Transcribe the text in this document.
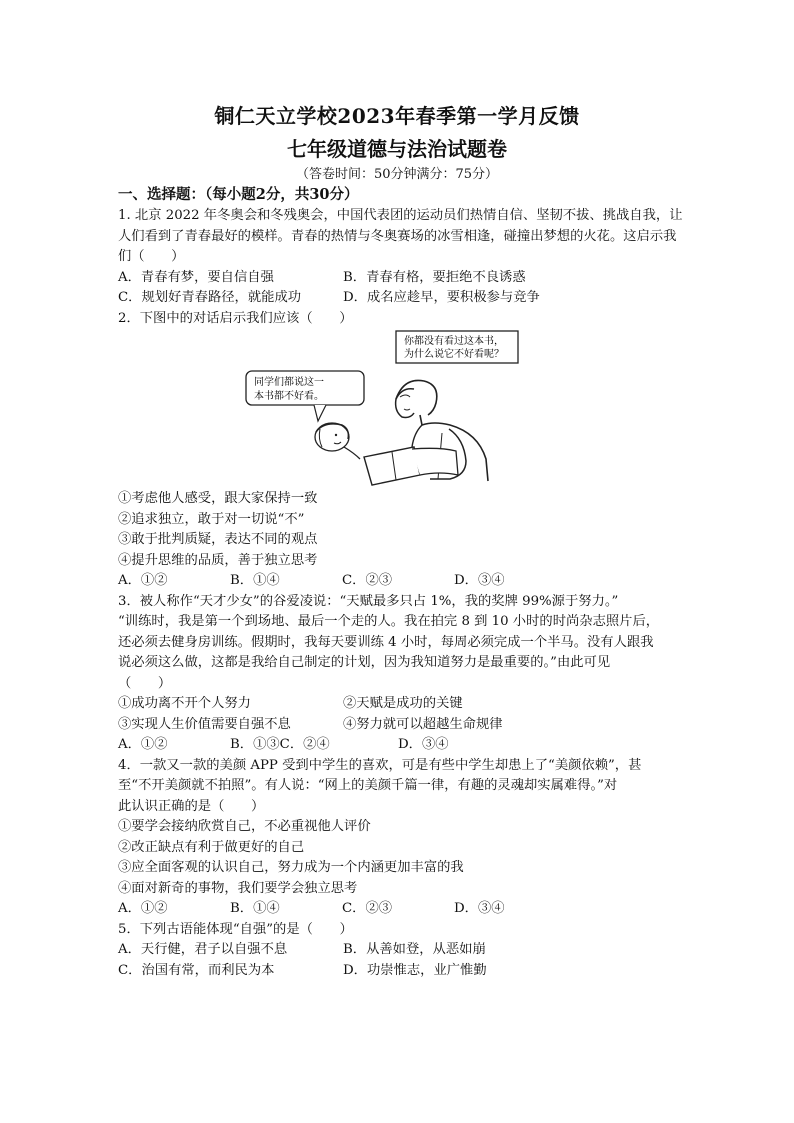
铜仁天立学校2023年春季第一学月反馈
七年级道德与法治试题卷
（答卷时间：50分钟满分：75分）
一、选择题：（每小题2分，共30分）
1. 北京 2022 年冬奥会和冬残奥会，中国代表团的运动员们热情自信、坚韧不拔、挑战自我，让人们看到了青春最好的模样。青春的热情与冬奥赛场的冰雪相逢，碰撞出梦想的火花。这启示我们（　　）
A．青春有梦，要自信自强	B．青春有格，要拒绝不良诱惑
C．规划好青春路径，就能成功	D．成名应趁早，要积极参与竞争
2．下图中的对话启示我们应该（　　）
你都没有看过这本书，
为什么说它不好看呢？
同学们都说这一
本书都不好看。
①考虑他人感受，跟大家保持一致
②追求独立，敢于对一切说“不”
③敢于批判质疑，表达不同的观点
④提升思维的品质，善于独立思考
A．①②	B．①④	C．②③	D．③④
3．被人称作“天才少女”的谷爱凌说：“天赋最多只占 1%，我的奖牌 99%源于努力。”
“训练时，我是第一个到场地、最后一个走的人。我在拍完 8 到 10 小时的时尚杂志照片后，
还必须去健身房训练。假期时，我每天要训练 4 小时，每周必须完成一个半马。没有人跟我
说必须这么做，这都是我给自己制定的计划，因为我知道努力是最重要的。”由此可见
（　　）
①成功离不开个人努力	②天赋是成功的关键
③实现人生价值需要自强不息	④努力就可以超越生命规律
A．①②	B．①③C．②④	D．③④
4．一款又一款的美颜 APP 受到中学生的喜欢，可是有些中学生却患上了“美颜依赖”，甚
至“不开美颜就不拍照”。有人说：“网上的美颜千篇一律，有趣的灵魂却实属难得。”对
此认识正确的是（　　）
①要学会接纳欣赏自己，不必重视他人评价
②改正缺点有利于做更好的自己
③应全面客观的认识自己，努力成为一个内涵更加丰富的我
④面对新奇的事物，我们要学会独立思考
A．①②	B．①④	C．②③	D．③④
5．下列古语能体现“自强”的是（　　）
A．天行健，君子以自强不息	B．从善如登，从恶如崩
C．治国有常，而利民为本	D．功崇惟志，业广惟勤
